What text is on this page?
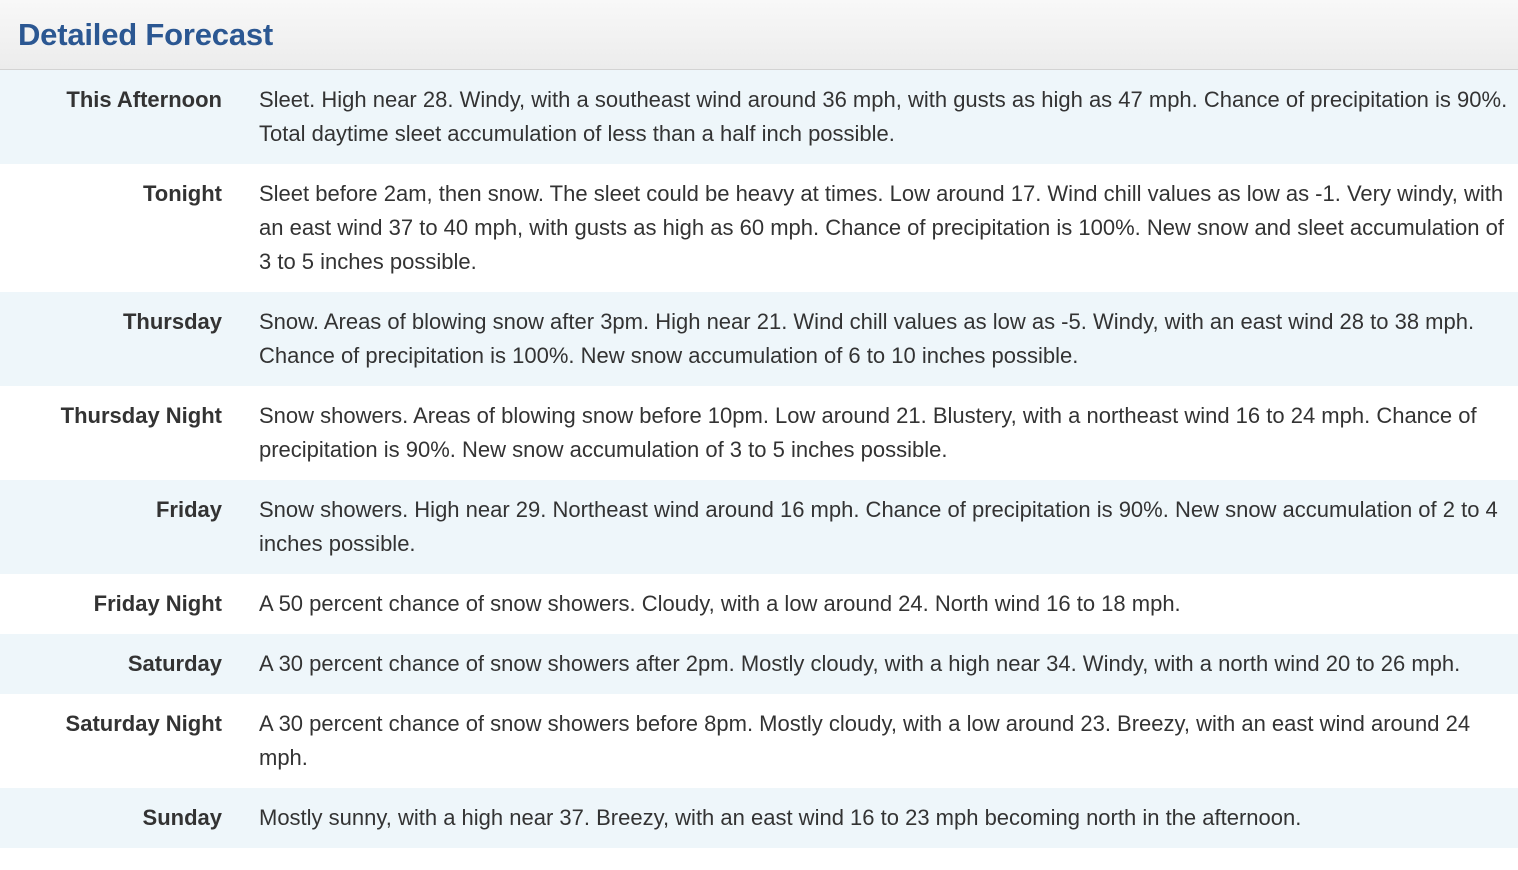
Detailed Forecast
This Afternoon	Sleet. High near 28. Windy, with a southeast wind around 36 mph, with gusts as high as 47 mph. Chance of precipitation is 90%. Total daytime sleet accumulation of less than a half inch possible.
Tonight	Sleet before 2am, then snow. The sleet could be heavy at times. Low around 17. Wind chill values as low as -1. Very windy, with an east wind 37 to 40 mph, with gusts as high as 60 mph. Chance of precipitation is 100%. New snow and sleet accumulation of 3 to 5 inches possible.
Thursday	Snow. Areas of blowing snow after 3pm. High near 21. Wind chill values as low as -5. Windy, with an east wind 28 to 38 mph. Chance of precipitation is 100%. New snow accumulation of 6 to 10 inches possible.
Thursday Night	Snow showers. Areas of blowing snow before 10pm. Low around 21. Blustery, with a northeast wind 16 to 24 mph. Chance of precipitation is 90%. New snow accumulation of 3 to 5 inches possible.
Friday	Snow showers. High near 29. Northeast wind around 16 mph. Chance of precipitation is 90%. New snow accumulation of 2 to 4 inches possible.
Friday Night	A 50 percent chance of snow showers. Cloudy, with a low around 24. North wind 16 to 18 mph.
Saturday	A 30 percent chance of snow showers after 2pm. Mostly cloudy, with a high near 34. Windy, with a north wind 20 to 26 mph.
Saturday Night	A 30 percent chance of snow showers before 8pm. Mostly cloudy, with a low around 23. Breezy, with an east wind around 24 mph.
Sunday	Mostly sunny, with a high near 37. Breezy, with an east wind 16 to 23 mph becoming north in the afternoon.
